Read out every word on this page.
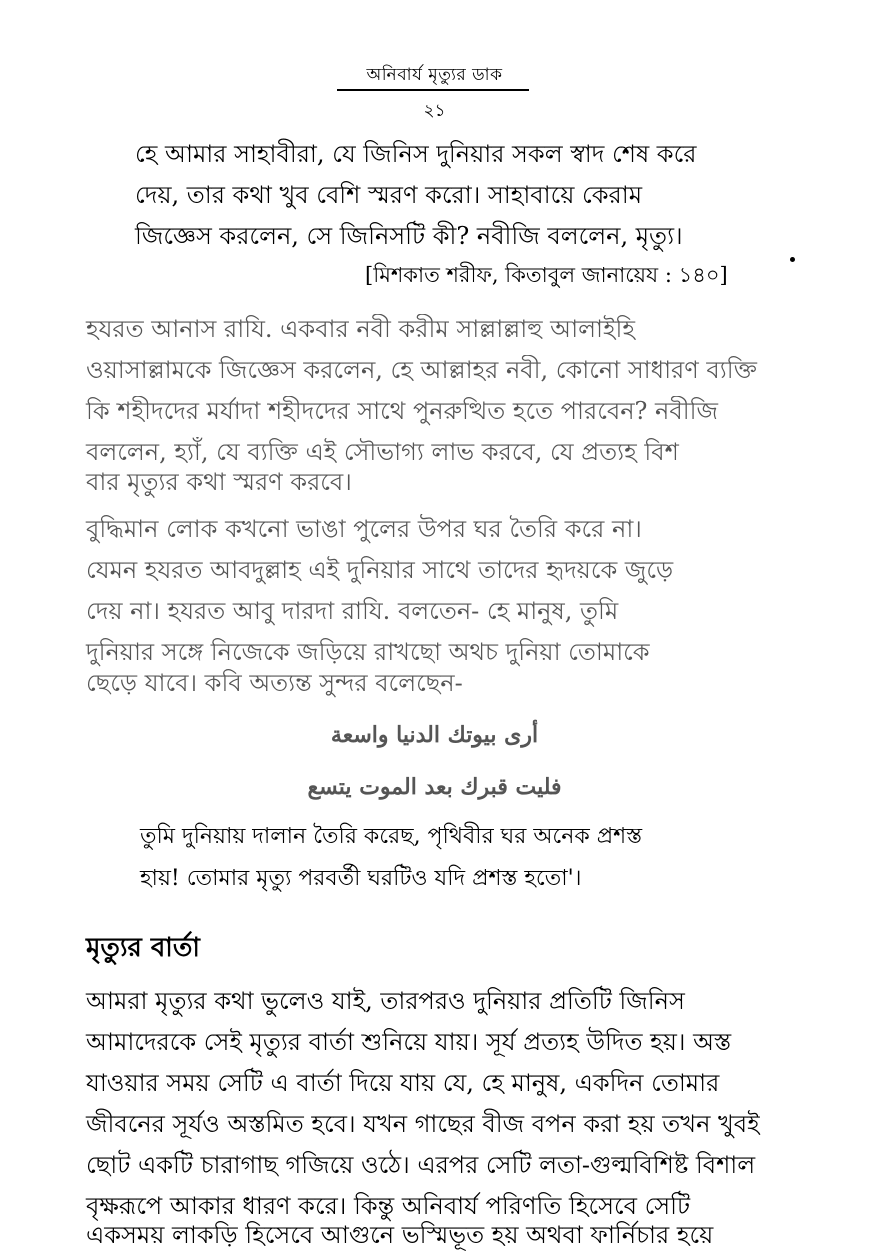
অনিবার্য মৃত্যুর ডাক
২১
হে আমার সাহাবীরা, যে জিনিস দুনিয়ার সকল স্বাদ শেষ করে
দেয়, তার কথা খুব বেশি স্মরণ করো। সাহাবায়ে কেরাম
জিজ্ঞেস করলেন, সে জিনিসটি কী? নবীজি বললেন, মৃত্যু।
[মিশকাত শরীফ, কিতাবুল জানায়েয : ১৪০]
হযরত আনাস রাযি. একবার নবী করীম সাল্লাল্লাহু আলাইহি
ওয়াসাল্লামকে জিজ্ঞেস করলেন, হে আল্লাহর নবী, কোনো সাধারণ ব্যক্তি
কি শহীদদের মর্যাদা শহীদদের সাথে পুনরুত্থিত হতে পারবেন? নবীজি
বললেন, হ্যাঁ, যে ব্যক্তি এই সৌভাগ্য লাভ করবে, যে প্রত্যহ বিশ
বার মৃত্যুর কথা স্মরণ করবে।
বুদ্ধিমান লোক কখনো ভাঙা পুলের উপর ঘর তৈরি করে না।
যেমন হযরত আবদুল্লাহ এই দুনিয়ার সাথে তাদের হৃদয়কে জুড়ে
দেয় না। হযরত আবু দারদা রাযি. বলতেন- হে মানুষ, তুমি
দুনিয়ার সঙ্গে নিজেকে জড়িয়ে রাখছো অথচ দুনিয়া তোমাকে
ছেড়ে যাবে। কবি অত্যন্ত সুন্দর বলেছেন-
أرى بيوتك الدنيا واسعة
فليت قبرك بعد الموت يتسع
তুমি দুনিয়ায় দালান তৈরি করেছ, পৃথিবীর ঘর অনেক প্রশস্ত
হায়! তোমার মৃত্যু পরবর্তী ঘরটিও যদি প্রশস্ত হতো'।
মৃত্যুর বার্তা
আমরা মৃত্যুর কথা ভুলেও যাই, তারপরও দুনিয়ার প্রতিটি জিনিস
আমাদেরকে সেই মৃত্যুর বার্তা শুনিয়ে যায়। সূর্য প্রত্যহ উদিত হয়। অস্ত
যাওয়ার সময় সেটি এ বার্তা দিয়ে যায় যে, হে মানুষ, একদিন তোমার
জীবনের সূর্যও অস্তমিত হবে। যখন গাছের বীজ বপন করা হয় তখন খুবই
ছোট একটি চারাগাছ গজিয়ে ওঠে। এরপর সেটি লতা-গুল্মবিশিষ্ট বিশাল
বৃক্ষরূপে আকার ধারণ করে। কিন্তু অনিবার্য পরিণতি হিসেবে সেটি
একসময় লাকড়ি হিসেবে আগুনে ভস্মিভূত হয় অথবা ফার্নিচার হয়ে
